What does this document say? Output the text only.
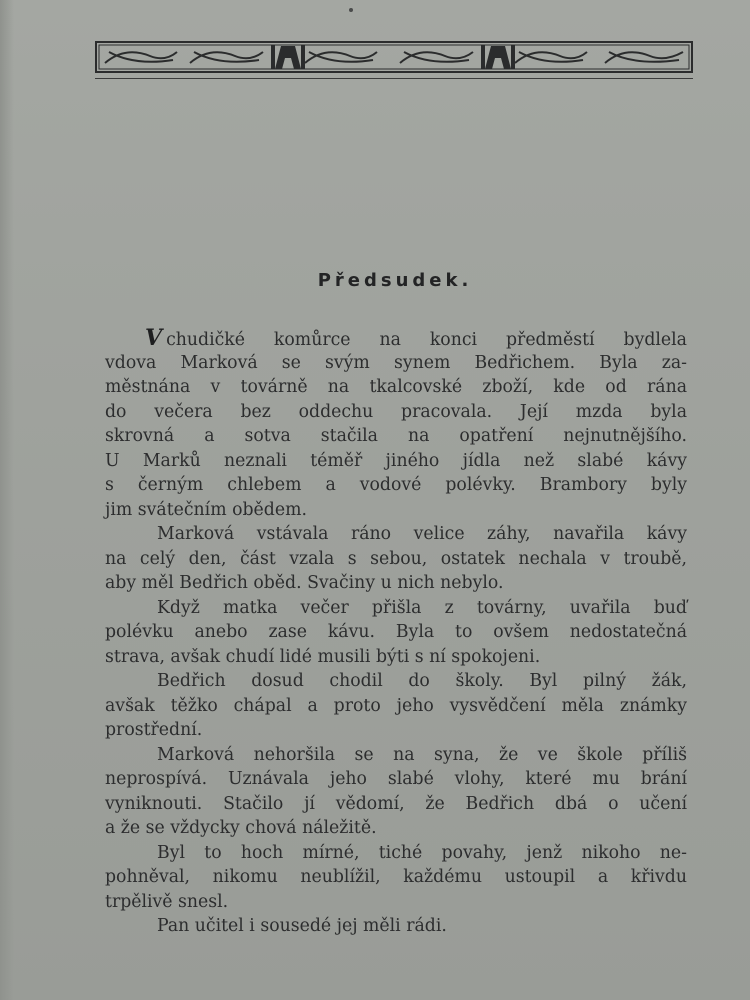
Předsudek.
V chudičké komůrce na konci předměstí bydlela
vdova Marková se svým synem Bedřichem. Byla za-
městnána v továrně na tkalcovské zboží, kde od rána
do večera bez oddechu pracovala. Její mzda byla
skrovná a sotva stačila na opatření nejnutnějšího.
U Marků neznali téměř jiného jídla než slabé kávy
s černým chlebem a vodové polévky. Brambory byly
jim svátečním obědem.
Marková vstávala ráno velice záhy, navařila kávy
na celý den, část vzala s sebou, ostatek nechala v troubě,
aby měl Bedřich oběd. Svačiny u nich nebylo.
Když matka večer přišla z továrny, uvařila buď
polévku anebo zase kávu. Byla to ovšem nedostatečná
strava, avšak chudí lidé musili býti s ní spokojeni.
Bedřich dosud chodil do školy. Byl pilný žák,
avšak těžko chápal a proto jeho vysvědčení měla známky
prostřední.
Marková nehoršila se na syna, že ve škole příliš
neprospívá. Uznávala jeho slabé vlohy, které mu brání
vyniknouti. Stačilo jí vědomí, že Bedřich dbá o učení
a že se vždycky chová náležitě.
Byl to hoch mírné, tiché povahy, jenž nikoho ne-
pohněval, nikomu neublížil, každému ustoupil a křivdu
trpělivě snesl.
Pan učitel i sousedé jej měli rádi.
